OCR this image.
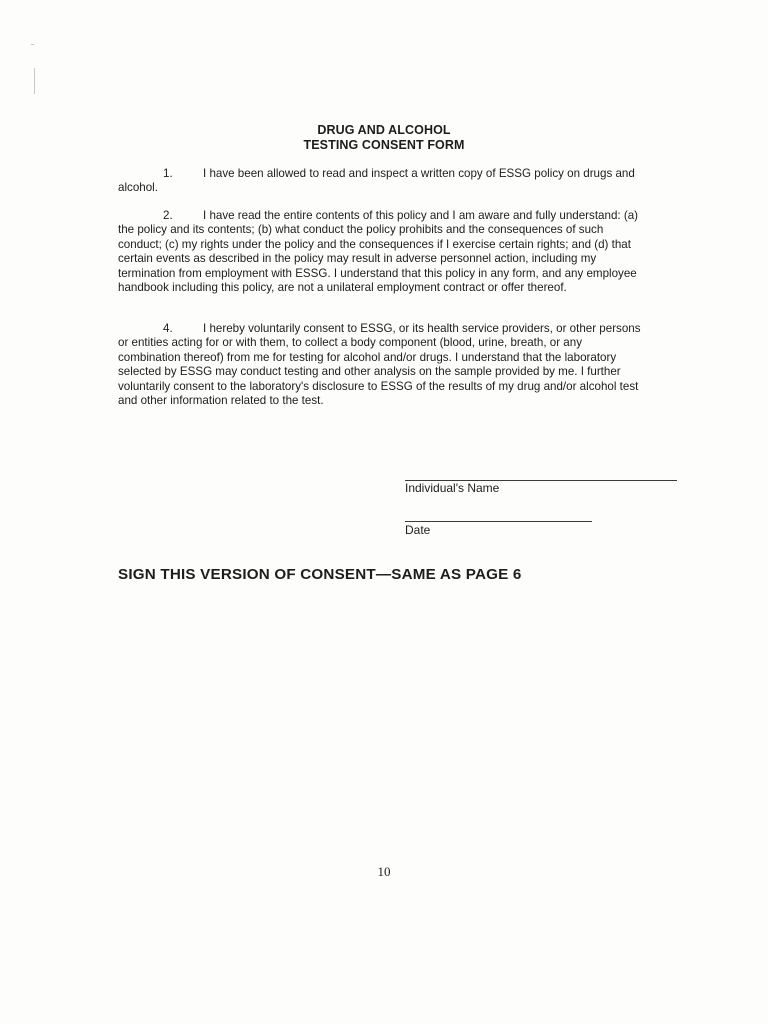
DRUG AND ALCOHOL
TESTING CONSENT FORM

1.	I have been allowed to read and inspect a written copy of ESSG policy on drugs and alcohol.

2.	I have read the entire contents of this policy and I am aware and fully understand: (a) the policy and its contents; (b) what conduct the policy prohibits and the consequences of such conduct; (c) my rights under the policy and the consequences if I exercise certain rights; and (d) that certain events as described in the policy may result in adverse personnel action, including my termination from employment with ESSG. I understand that this policy in any form, and any employee handbook including this policy, are not a unilateral employment contract or offer thereof.

4.	I hereby voluntarily consent to ESSG, or its health service providers, or other persons or entities acting for or with them, to collect a body component (blood, urine, breath, or any combination thereof) from me for testing for alcohol and/or drugs. I understand that the laboratory selected by ESSG may conduct testing and other analysis on the sample provided by me. I further voluntarily consent to the laboratory's disclosure to ESSG of the results of my drug and/or alcohol test and other information related to the test.

Individual's Name
Date
SIGN THIS VERSION OF CONSENT—SAME AS PAGE 6
10
